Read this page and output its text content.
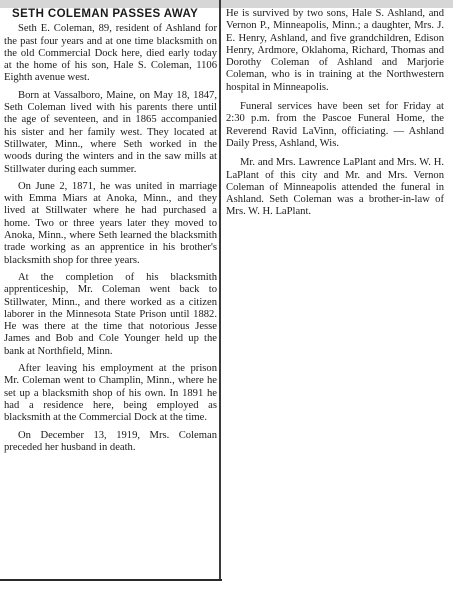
SETH COLEMAN PASSES AWAY

Seth E. Coleman, 89, resident of Ashland for the past four years and at one time blacksmith on the old Commercial Dock here, died early today at the home of his son, Hale S. Coleman, 1106 Eighth avenue west.

Born at Vassalboro, Maine, on May 18, 1847, Seth Coleman lived with his parents there until the age of seventeen, and in 1865 accompanied his sister and her family west. They located at Stillwater, Minn., where Seth worked in the woods during the winters and in the saw mills at Stillwater during each summer.

On June 2, 1871, he was united in marriage with Emma Miars at Anoka, Minn., and they lived at Stillwater where he had purchased a home. Two or three years later they moved to Anoka, Minn., where Seth learned the blacksmith trade working as an apprentice in his brother's blacksmith shop for three years.

At the completion of his blacksmith apprenticeship, Mr. Coleman went back to Stillwater, Minn., and there worked as a citizen laborer in the Minnesota State Prison until 1882. He was there at the time that notorious Jesse James and Bob and Cole Younger held up the bank at Northfield, Minn.

After leaving his employment at the prison Mr. Coleman went to Champlin, Minn., where he set up a blacksmith shop of his own. In 1891 he had a residence here, being employed as blacksmith at the Commercial Dock at the time.

On December 13, 1919, Mrs. Coleman preceded her husband in death.

He is survived by two sons, Hale S. Ashland, and Vernon P., Minneapolis, Minn.; a daughter, Mrs. J. E. Henry, Ashland, and five grandchildren, Edison Henry, Ardmore, Oklahoma, Richard, Thomas and Dorothy Coleman of Ashland and Marjorie Coleman, who is in training at the Northwestern hospital in Minneapolis.

Funeral services have been set for Friday at 2:30 p.m. from the Pascoe Funeral Home, the Reverend Ravid LaVinn, officiating. — Ashland Daily Press, Ashland, Wis.

Mr. and Mrs. Lawrence LaPlant and Mrs. W. H. LaPlant of this city and Mr. and Mrs. Vernon Coleman of Minneapolis attended the funeral in Ashland. Seth Coleman was a brother-in-law of Mrs. W. H. LaPlant.
